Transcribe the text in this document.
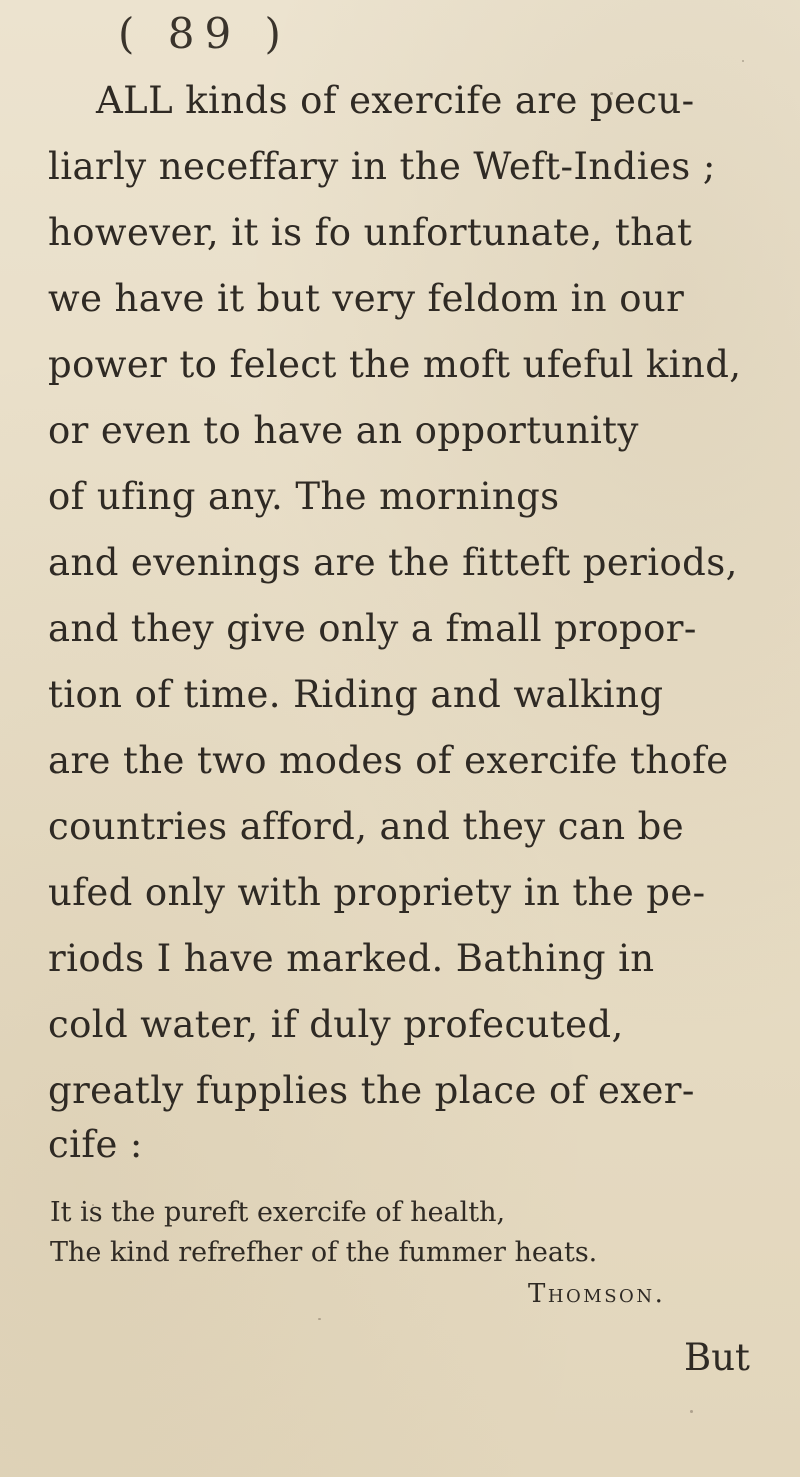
( 89 )
ALL kinds of exercife are pecu-
liarly neceffary in the Weft-Indies ;
however, it is fo unfortunate, that
we have it but very feldom in our
power to felect the moft ufeful kind,
or even to have an opportunity
of ufing any. The mornings
and evenings are the fitteft periods,
and they give only a fmall propor-
tion of time. Riding and walking
are the two modes of exercife thofe
countries afford, and they can be
ufed only with propriety in the pe-
riods I have marked. Bathing in
cold water, if duly profecuted,
greatly fupplies the place of exer-
cife :
It is the pureft exercife of health,
The kind refrefher of the fummer heats.
Thomson.
But
